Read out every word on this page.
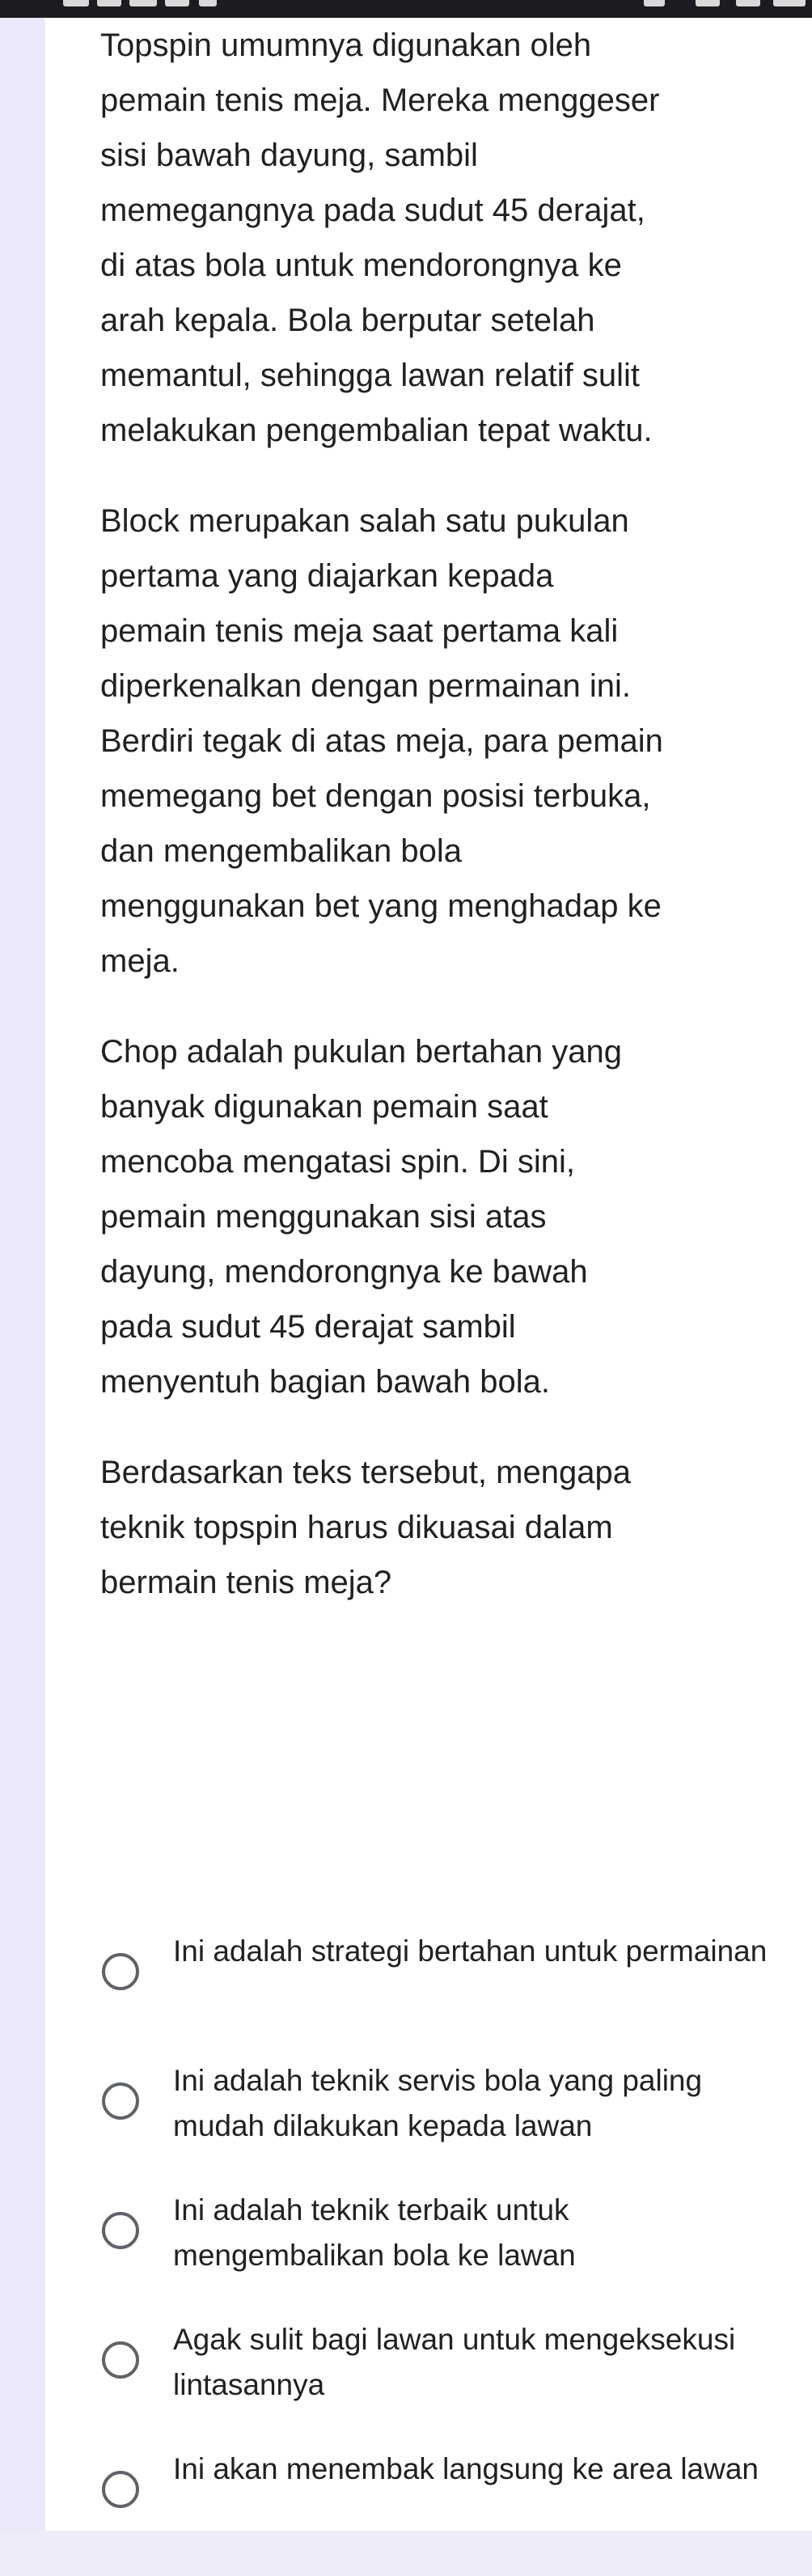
Topspin umumnya digunakan oleh pemain tenis meja. Mereka menggeser sisi bawah dayung, sambil memegangnya pada sudut 45 derajat, di atas bola untuk mendorongnya ke arah kepala. Bola berputar setelah memantul, sehingga lawan relatif sulit melakukan pengembalian tepat waktu.

Block merupakan salah satu pukulan pertama yang diajarkan kepada pemain tenis meja saat pertama kali diperkenalkan dengan permainan ini. Berdiri tegak di atas meja, para pemain memegang bet dengan posisi terbuka, dan mengembalikan bola menggunakan bet yang menghadap ke meja.

Chop adalah pukulan bertahan yang banyak digunakan pemain saat mencoba mengatasi spin. Di sini, pemain menggunakan sisi atas dayung, mendorongnya ke bawah pada sudut 45 derajat sambil menyentuh bagian bawah bola.

Berdasarkan teks tersebut, mengapa teknik topspin harus dikuasai dalam bermain tenis meja?

Ini adalah strategi bertahan untuk permainan
Ini adalah teknik servis bola yang paling mudah dilakukan kepada lawan
Ini adalah teknik terbaik untuk mengembalikan bola ke lawan
Agak sulit bagi lawan untuk mengeksekusi lintasannya
Ini akan menembak langsung ke area lawan
